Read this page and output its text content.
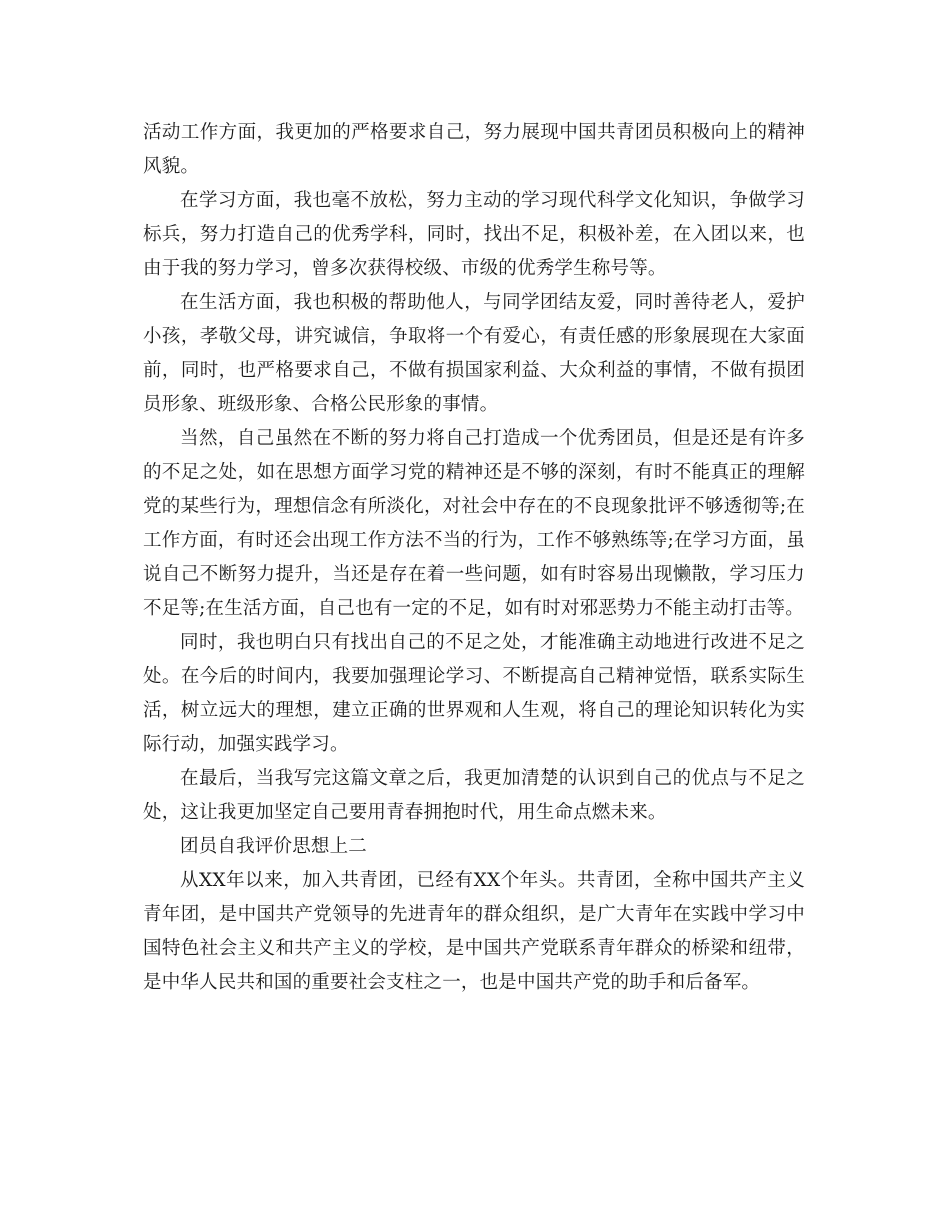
活动工作方面，我更加的严格要求自己，努力展现中国共青团员积极向上的精神风貌。

在学习方面，我也毫不放松，努力主动的学习现代科学文化知识，争做学习标兵，努力打造自己的优秀学科，同时，找出不足，积极补差，在入团以来，也由于我的努力学习，曾多次获得校级、市级的优秀学生称号等。

在生活方面，我也积极的帮助他人，与同学团结友爱，同时善待老人，爱护小孩，孝敬父母，讲究诚信，争取将一个有爱心，有责任感的形象展现在大家面前，同时，也严格要求自己，不做有损国家利益、大众利益的事情，不做有损团员形象、班级形象、合格公民形象的事情。

当然，自己虽然在不断的努力将自己打造成一个优秀团员，但是还是有许多的不足之处，如在思想方面学习党的精神还是不够的深刻，有时不能真正的理解党的某些行为，理想信念有所淡化，对社会中存在的不良现象批评不够透彻等;在工作方面，有时还会出现工作方法不当的行为，工作不够熟练等;在学习方面，虽说自己不断努力提升，当还是存在着一些问题，如有时容易出现懒散，学习压力不足等;在生活方面，自己也有一定的不足，如有时对邪恶势力不能主动打击等。

同时，我也明白只有找出自己的不足之处，才能准确主动地进行改进不足之处。在今后的时间内，我要加强理论学习、不断提高自己精神觉悟，联系实际生活，树立远大的理想，建立正确的世界观和人生观，将自己的理论知识转化为实际行动，加强实践学习。

在最后，当我写完这篇文章之后，我更加清楚的认识到自己的优点与不足之处，这让我更加坚定自己要用青春拥抱时代，用生命点燃未来。

团员自我评价思想上二

从XX年以来，加入共青团，已经有XX个年头。共青团，全称中国共产主义青年团，是中国共产党领导的先进青年的群众组织，是广大青年在实践中学习中国特色社会主义和共产主义的学校，是中国共产党联系青年群众的桥梁和纽带，是中华人民共和国的重要社会支柱之一，也是中国共产党的助手和后备军。
